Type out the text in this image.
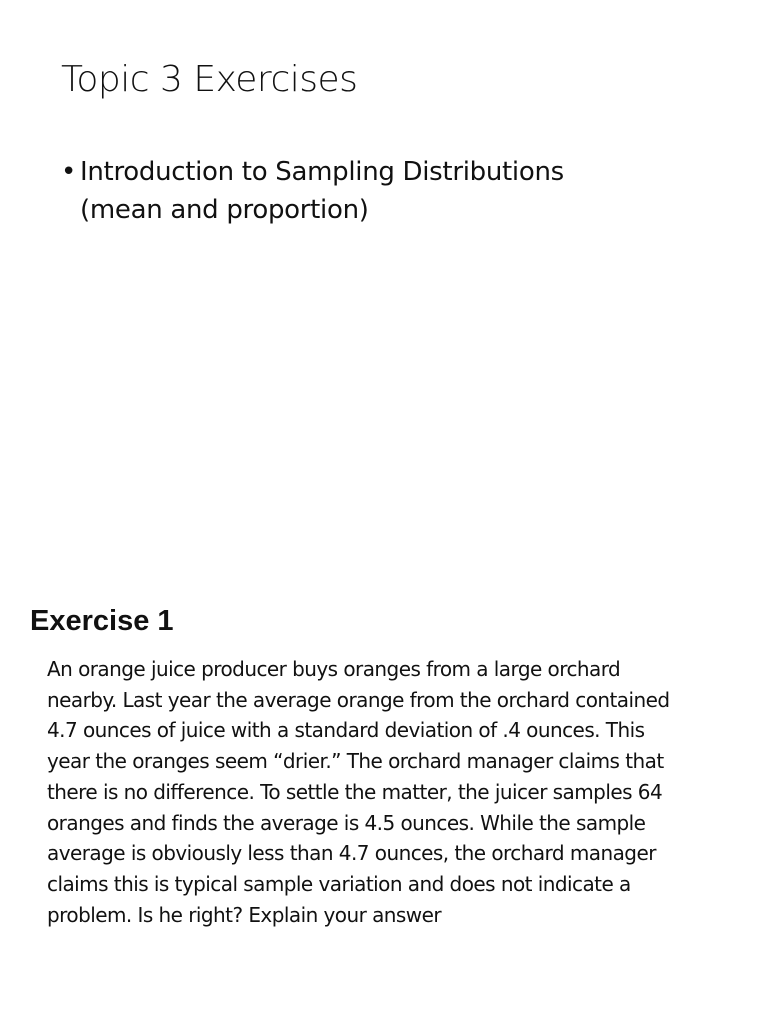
Topic 3 Exercises
• Introduction to Sampling Distributions
(mean and proportion)
Exercise 1

An orange juice producer buys oranges from a large orchard
nearby. Last year the average orange from the orchard contained
4.7 ounces of juice with a standard deviation of .4 ounces. This
year the oranges seem “drier.” The orchard manager claims that
there is no difference. To settle the matter, the juicer samples 64
oranges and finds the average is 4.5 ounces. While the sample
average is obviously less than 4.7 ounces, the orchard manager
claims this is typical sample variation and does not indicate a
problem. Is he right? Explain your answer
